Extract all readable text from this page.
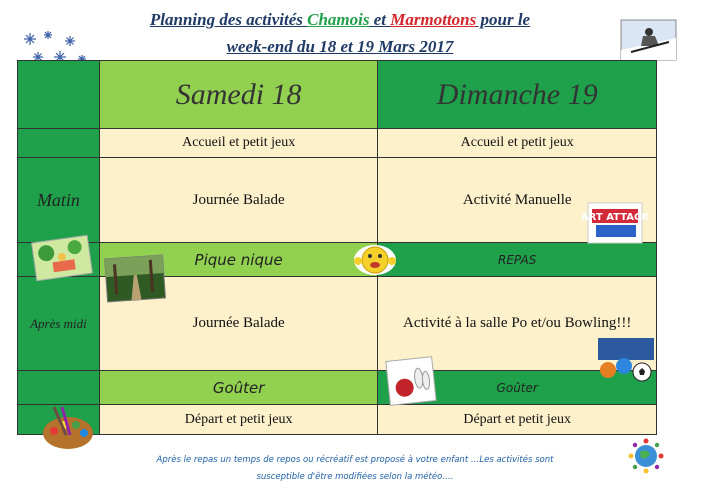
Planning des activités Chamois et Marmottons pour le
week-end du 18 et 19 Mars 2017
	Samedi 18	Dimanche 19
	Accueil et petit jeux	Accueil et petit jeux
Matin	Journée Balade	Activité Manuelle
	Pique nique	REPAS
Après midi	Journée Balade	Activité à la salle Po et/ou Bowling!!!
	Goûter	Goûter
	Départ et petit jeux	Départ et petit jeux
ART ATTACK
Après le repas un temps de repos ou récréatif est proposé à votre enfant …Les activités sont
susceptible d'être modifiées selon la météo….
